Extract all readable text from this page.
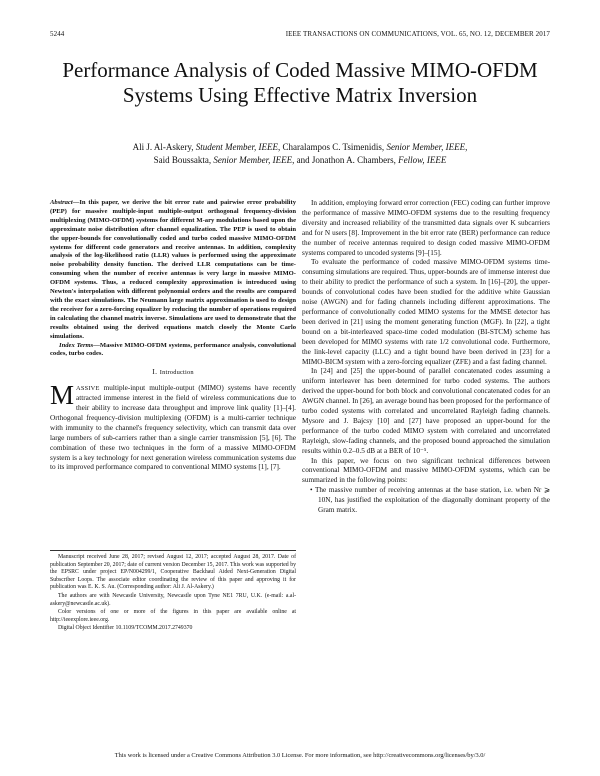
5244	IEEE TRANSACTIONS ON COMMUNICATIONS, VOL. 65, NO. 12, DECEMBER 2017
Performance Analysis of Coded Massive MIMO-OFDM Systems Using Effective Matrix Inversion
Ali J. Al-Askery, Student Member, IEEE, Charalampos C. Tsimenidis, Senior Member, IEEE,
Said Boussakta, Senior Member, IEEE, and Jonathon A. Chambers, Fellow, IEEE
Abstract—In this paper, we derive the bit error rate and pairwise error probability (PEP) for massive multiple-input multiple-output orthogonal frequency-division multiplexing (MIMO-OFDM) systems for different M-ary modulations based upon the approximate noise distribution after channel equalization. The PEP is used to obtain the upper-bounds for convolutionally coded and turbo coded massive MIMO-OFDM systems for different code generators and receive antennas. In addition, complexity analysis of the log-likelihood ratio (LLR) values is performed using the approximate noise probability density function. The derived LLR computations can be time-consuming when the number of receive antennas is very large in massive MIMO-OFDM systems. Thus, a reduced complexity approximation is introduced using Newton's interpolation with different polynomial orders and the results are compared with the exact simulations. The Neumann large matrix approximation is used to design the receiver for a zero-forcing equalizer by reducing the number of operations required in calculating the channel matrix inverse. Simulations are used to demonstrate that the results obtained using the derived equations match closely the Monte Carlo simulations.
Index Terms—Massive MIMO-OFDM systems, performance analysis, convolutional codes, turbo codes.
I. Introduction

MASSIVE multiple-input multiple-output (MIMO) systems have recently attracted immense interest in the field of wireless communications due to their ability to increase data throughput and improve link quality [1]–[4]. Orthogonal frequency-division multiplexing (OFDM) is a multi-carrier technique with immunity to the channel's frequency selectivity, which can transmit data over large numbers of sub-carriers rather than a single carrier transmission [5], [6]. The combination of these two techniques in the form of a massive MIMO-OFDM system is a key technology for next generation wireless communication systems due to its improved performance compared to conventional MIMO systems [1], [7].

Manuscript received June 28, 2017; revised August 12, 2017; accepted August 28, 2017. Date of publication September 20, 2017; date of current version December 15, 2017. This work was supported by the EPSRC under project EP/N004299/1, Cooperative Backhaul Aided Next-Generation Digital Subscriber Loops. The associate editor coordinating the review of this paper and approving it for publication was E. K. S. Au. (Corresponding author: Ali J. Al-Askery.)

The authors are with Newcastle University, Newcastle upon Tyne NE1 7RU, U.K. (e-mail: a.al-askery@newcastle.ac.uk).

Color versions of one or more of the figures in this paper are available online at http://ieeexplore.ieee.org.

Digital Object Identifier 10.1109/TCOMM.2017.2749370

In addition, employing forward error correction (FEC) coding can further improve the performance of massive MIMO-OFDM systems due to the resulting frequency diversity and increased reliability of the transmitted data signals over K subcarriers and for N users [8]. Improvement in the bit error rate (BER) performance can reduce the number of receive antennas required to design coded massive MIMO-OFDM systems compared to uncoded systems [9]–[15].

To evaluate the performance of coded massive MIMO-OFDM systems time-consuming simulations are required. Thus, upper-bounds are of immense interest due to their ability to predict the performance of such a system. In [16]–[20], the upper-bounds of convolutional codes have been studied for the additive white Gaussian noise (AWGN) and for fading channels including different approximations. The performance of convolutionally coded MIMO systems for the MMSE detector has been derived in [21] using the moment generating function (MGF). In [22], a tight bound on a bit-interleaved space-time coded modulation (BI-STCM) scheme has been developed for MIMO systems with rate 1/2 convolutional code. Furthermore, the link-level capacity (LLC) and a tight bound have been derived in [23] for a MIMO-BICM system with a zero-forcing equalizer (ZFE) and a fast fading channel.

In [24] and [25] the upper-bound of parallel concatenated codes assuming a uniform interleaver has been determined for turbo coded systems. The authors derived the upper-bound for both block and convolutional concatenated codes for an AWGN channel. In [26], an average bound has been proposed for the performance of turbo coded systems with correlated and uncorrelated Rayleigh fading channels. Mysore and J. Bajcsy [10] and [27] have proposed an upper-bound for the performance of the turbo coded MIMO system with correlated and uncorrelated Rayleigh, slow-fading channels, and the proposed bound approached the simulation results within 0.2–0.5 dB at a BER of 10⁻⁵.

In this paper, we focus on two significant technical differences between conventional MIMO-OFDM and massive MIMO-OFDM systems, which can be summarized in the following points:

• The massive number of receiving antennas at the base station, i.e. when Nr ⩾ 10N, has justified the exploitation of the diagonally dominant property of the Gram matrix.

This work is licensed under a Creative Commons Attribution 3.0 License. For more information, see http://creativecommons.org/licenses/by/3.0/
